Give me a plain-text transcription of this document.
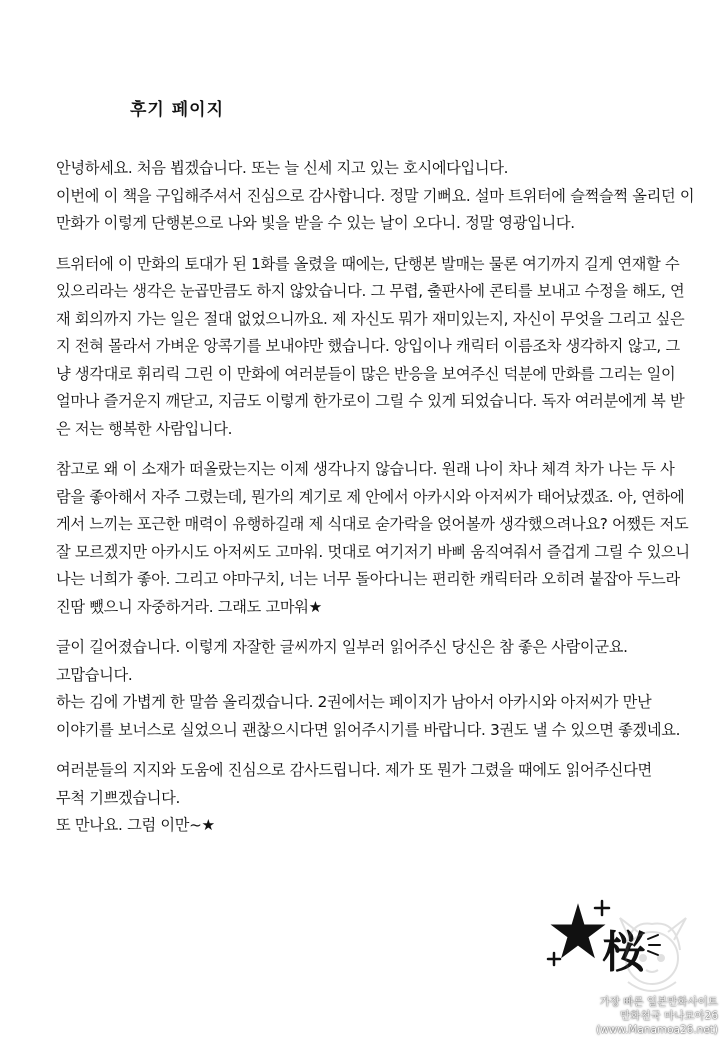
후기 페이지
안녕하세요. 처음 뵙겠습니다. 또는 늘 신세 지고 있는 호시에다입니다.
이번에 이 책을 구입해주셔서 진심으로 감사합니다. 정말 기뻐요. 설마 트위터에 슬쩍슬쩍 올리던 이
만화가 이렇게 단행본으로 나와 빛을 받을 수 있는 날이 오다니. 정말 영광입니다.
트위터에 이 만화의 토대가 된 1화를 올렸을 때에는, 단행본 발매는 물론 여기까지 길게 연재할 수
있으리라는 생각은 눈곱만큼도 하지 않았습니다. 그 무렵, 출판사에 콘티를 보내고 수정을 해도, 연
재 회의까지 가는 일은 절대 없었으니까요. 제 자신도 뭐가 재미있는지, 자신이 무엇을 그리고 싶은
지 전혀 몰라서 가벼운 앙콕기를 보내야만 했습니다. 앙입이나 캐릭터 이름조차 생각하지 않고, 그
냥 생각대로 휘리릭 그린 이 만화에 여러분들이 많은 반응을 보여주신 덕분에 만화를 그리는 일이
얼마나 즐거운지 깨닫고, 지금도 이렇게 한가로이 그릴 수 있게 되었습니다. 독자 여러분에게 복 받
은 저는 행복한 사람입니다.
참고로 왜 이 소재가 떠올랐는지는 이제 생각나지 않습니다. 원래 나이 차나 체격 차가 나는 두 사
람을 좋아해서 자주 그렸는데, 뭔가의 계기로 제 안에서 아카시와 아저씨가 태어났겠죠. 아, 연하에
게서 느끼는 포근한 매력이 유행하길래 제 식대로 숟가락을 얹어볼까 생각했으려나요? 어쨌든 저도
잘 모르겠지만 아카시도 아저씨도 고마워. 멋대로 여기저기 바삐 움직여줘서 즐겁게 그릴 수 있으니
나는 너희가 좋아. 그리고 야마구치, 너는 너무 돌아다니는 편리한 캐릭터라 오히려 붙잡아 두느라
진땀 뺐으니 자중하거라. 그래도 고마워★
글이 길어졌습니다. 이렇게 자잘한 글씨까지 일부러 읽어주신 당신은 참 좋은 사람이군요.
고맙습니다.
하는 김에 가볍게 한 말씀 올리겠습니다. 2권에서는 페이지가 남아서 아카시와 아저씨가 만난
이야기를 보너스로 실었으니 괜찮으시다면 읽어주시기를 바랍니다. 3권도 낼 수 있으면 좋겠네요.
여러분들의 지지와 도움에 진심으로 감사드립니다. 제가 또 뭔가 그렸을 때에도 읽어주신다면
무척 기쁘겠습니다.
또 만나요. 그럼 이만~★
桜
가장 빠른 일본만화사이트
만화천국 마나모아26
(www.Manamoa26.net)
